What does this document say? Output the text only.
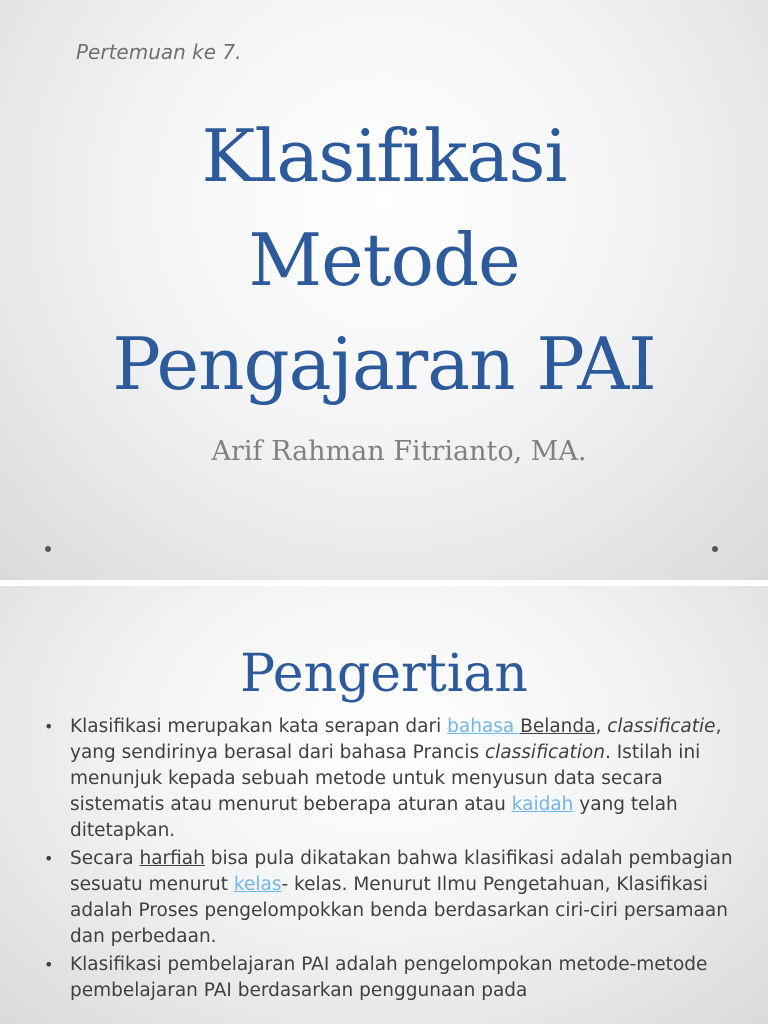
Pertemuan ke 7.
Klasifikasi
Metode
Pengajaran PAI
Arif Rahman Fitrianto, MA.
Pengertian
• Klasifikasi merupakan kata serapan dari bahasa Belanda, classificatie, yang sendirinya berasal dari bahasa Prancis classification. Istilah ini menunjuk kepada sebuah metode untuk menyusun data secara sistematis atau menurut beberapa aturan atau kaidah yang telah ditetapkan.
• Secara harfiah bisa pula dikatakan bahwa klasifikasi adalah pembagian sesuatu menurut kelas- kelas. Menurut Ilmu Pengetahuan, Klasifikasi adalah Proses pengelompokkan benda berdasarkan ciri-ciri persamaan dan perbedaan.
• Klasifikasi pembelajaran PAI adalah pengelompokan metode-metode pembelajaran PAI berdasarkan penggunaan pada
